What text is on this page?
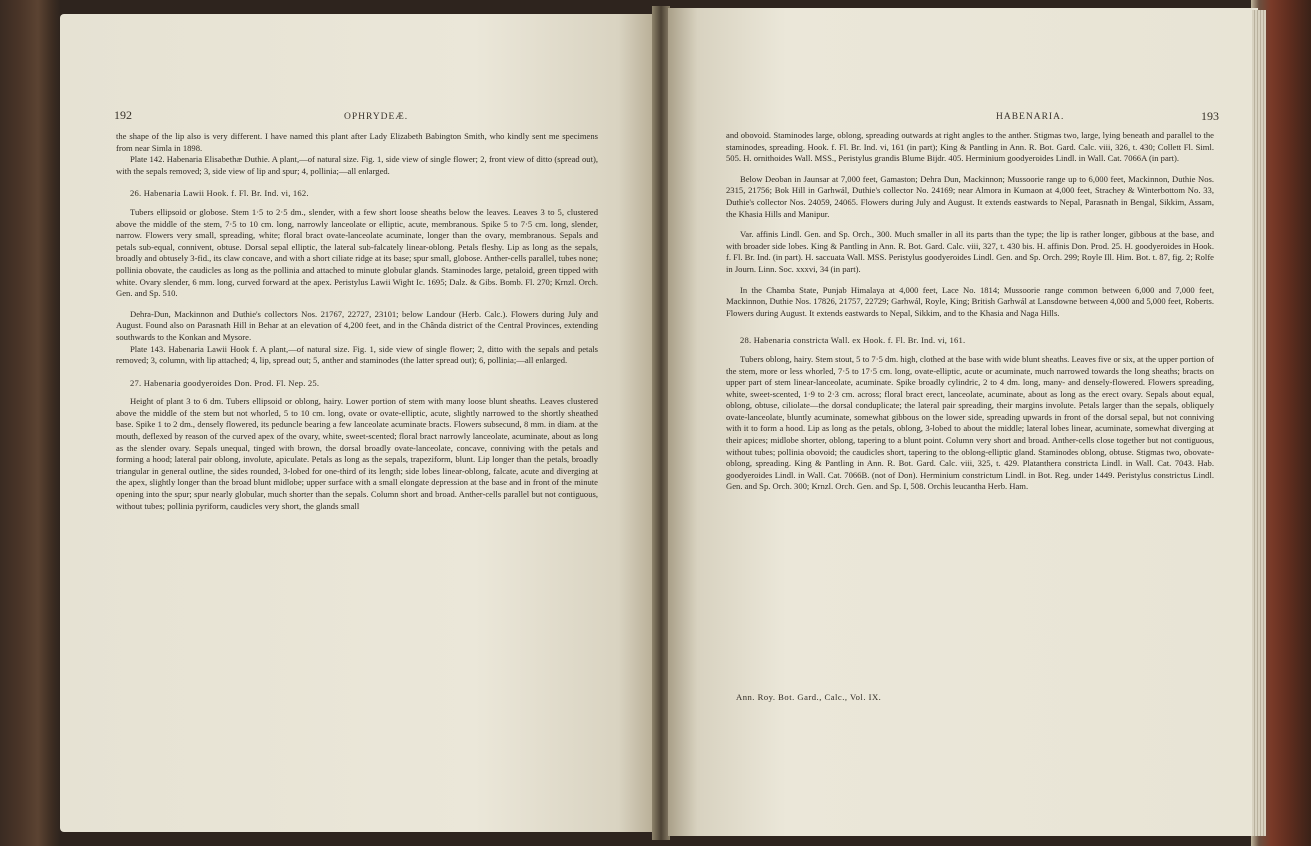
192	OPHRYDEÆ.

the shape of the lip also is very different. I have named this plant after Lady Elizabeth Babington Smith, who kindly sent me specimens from near Simla in 1898.

Plate 142. Habenaria Elisabethæ Duthie. A plant,—of natural size. Fig. 1, side view of single flower; 2, front view of ditto (spread out), with the sepals removed; 3, side view of lip and spur; 4, pollinia;—all enlarged.

26. Habenaria Lawii Hook. f. Fl. Br. Ind. vi, 162.

Tubers ellipsoid or globose. Stem 1·5 to 2·5 dm., slender, with a few short loose sheaths below the leaves. Leaves 3 to 5, clustered above the middle of the stem, 7·5 to 10 cm. long, narrowly lanceolate or elliptic, acute, membranous. Spike 5 to 7·5 cm. long, slender, narrow. Flowers very small, spreading, white; floral bract ovate-lanceolate acuminate, longer than the ovary, membranous. Sepals and petals sub-equal, connivent, obtuse. Dorsal sepal elliptic, the lateral sub-falcately linear-oblong. Petals fleshy. Lip as long as the sepals, broadly and obtusely 3-fid., its claw concave, and with a short ciliate ridge at its base; spur small, globose. Anther-cells parallel, tubes none; pollinia obovate, the caudicles as long as the pollinia and attached to minute globular glands. Staminodes large, petaloid, green tipped with white. Ovary slender, 6 mm. long, curved forward at the apex. Peristylus Lawii Wight Ic. 1695; Dalz. & Gibs. Bomb. Fl. 270; Krnzl. Orch. Gen. and Sp. 510.

Dehra-Dun, Mackinnon and Duthie's collectors Nos. 21767, 22727, 23101; below Landour (Herb. Calc.). Flowers during July and August. Found also on Parasnath Hill in Behar at an elevation of 4,200 feet, and in the Chânda district of the Central Provinces, extending southwards to the Konkan and Mysore.

Plate 143. Habenaria Lawii Hook f. A plant,—of natural size. Fig. 1, side view of single flower; 2, ditto with the sepals and petals removed; 3, column, with lip attached; 4, lip, spread out; 5, anther and staminodes (the latter spread out); 6, pollinia;—all enlarged.

27. Habenaria goodyeroides Don. Prod. Fl. Nep. 25.

Height of plant 3 to 6 dm. Tubers ellipsoid or oblong, hairy. Lower portion of stem with many loose blunt sheaths. Leaves clustered above the middle of the stem but not whorled, 5 to 10 cm. long, ovate or ovate-elliptic, acute, slightly narrowed to the shortly sheathed base. Spike 1 to 2 dm., densely flowered, its peduncle bearing a few lanceolate acuminate bracts. Flowers subsecund, 8 mm. in diam. at the mouth, deflexed by reason of the curved apex of the ovary, white, sweet-scented; floral bract narrowly lanceolate, acuminate, about as long as the slender ovary. Sepals unequal, tinged with brown, the dorsal broadly ovate-lanceolate, concave, conniving with the petals and forming a hood; lateral pair oblong, involute, apiculate. Petals as long as the sepals, trapeziform, blunt. Lip longer than the petals, broadly triangular in general outline, the sides rounded, 3-lobed for one-third of its length; side lobes linear-oblong, falcate, acute and diverging at the apex, slightly longer than the broad blunt midlobe; upper surface with a small elongate depression at the base and in front of the minute opening into the spur; spur nearly globular, much shorter than the sepals. Column short and broad. Anther-cells parallel but not contiguous, without tubes; pollinia pyriform, caudicles very short, the glands small

HABENARIA.	193

and obovoid. Staminodes large, oblong, spreading outwards at right angles to the anther. Stigmas two, large, lying beneath and parallel to the staminodes, spreading. Hook. f. Fl. Br. Ind. vi, 161 (in part); King & Pantling in Ann. R. Bot. Gard. Calc. viii, 326, t. 430; Collett Fl. Siml. 505. H. ornithoides Wall. MSS., Peristylus grandis Blume Bijdr. 405. Herminium goodyeroides Lindl. in Wall. Cat. 7066A (in part).

Below Deoban in Jaunsar at 7,000 feet, Gamaston; Dehra Dun, Mackinnon; Mussoorie range up to 6,000 feet, Mackinnon, Duthie Nos. 2315, 21756; Bok Hill in Garhwál, Duthie's collector No. 24169; near Almora in Kumaon at 4,000 feet, Strachey & Winterbottom No. 33, Duthie's collector Nos. 24059, 24065. Flowers during July and August. It extends eastwards to Nepal, Parasnath in Bengal, Sikkim, Assam, the Khasia Hills and Manipur.

Var. affinis Lindl. Gen. and Sp. Orch., 300. Much smaller in all its parts than the type; the lip is rather longer, gibbous at the base, and with broader side lobes. King & Pantling in Ann. R. Bot. Gard. Calc. viii, 327, t. 430 bis. H. affinis Don. Prod. 25. H. goodyeroides in Hook. f. Fl. Br. Ind. (in part). H. saccuata Wall. MSS. Peristylus goodyeroides Lindl. Gen. and Sp. Orch. 299; Royle Ill. Him. Bot. t. 87, fig. 2; Rolfe in Journ. Linn. Soc. xxxvi, 34 (in part).

In the Chamba State, Punjab Himalaya at 4,000 feet, Lace No. 1814; Mussoorie range common between 6,000 and 7,000 feet, Mackinnon, Duthie Nos. 17826, 21757, 22729; Garhwál, Royle, King; British Garhwál at Lansdowne between 4,000 and 5,000 feet, Roberts. Flowers during August. It extends eastwards to Nepal, Sikkim, and to the Khasia and Naga Hills.

28. Habenaria constricta Wall. ex Hook. f. Fl. Br. Ind. vi, 161.

Tubers oblong, hairy. Stem stout, 5 to 7·5 dm. high, clothed at the base with wide blunt sheaths. Leaves five or six, at the upper portion of the stem, more or less whorled, 7·5 to 17·5 cm. long, ovate-elliptic, acute or acuminate, much narrowed towards the long sheaths; bracts on upper part of stem linear-lanceolate, acuminate. Spike broadly cylindric, 2 to 4 dm. long, many- and densely-flowered. Flowers spreading, white, sweet-scented, 1·9 to 2·3 cm. across; floral bract erect, lanceolate, acuminate, about as long as the erect ovary. Sepals about equal, oblong, obtuse, ciliolate—the dorsal conduplicate; the lateral pair spreading, their margins involute. Petals larger than the sepals, obliquely ovate-lanceolate, bluntly acuminate, somewhat gibbous on the lower side, spreading upwards in front of the dorsal sepal, but not conniving with it to form a hood. Lip as long as the petals, oblong, 3-lobed to about the middle; lateral lobes linear, acuminate, somewhat diverging at their apices; midlobe shorter, oblong, tapering to a blunt point. Column very short and broad. Anther-cells close together but not contiguous, without tubes; pollinia obovoid; the caudicles short, tapering to the oblong-elliptic gland. Staminodes oblong, obtuse. Stigmas two, obovate-oblong, spreading. King & Pantling in Ann. R. Bot. Gard. Calc. viii, 325, t. 429. Platanthera constricta Lindl. in Wall. Cat. 7043. Hab. goodyeroides Lindl. in Wall. Cat. 7066B. (not of Don). Herminium constrictum Lindl. in Bot. Reg. under 1449. Peristylus constrictus Lindl. Gen. and Sp. Orch. 300; Krnzl. Orch. Gen. and Sp. I, 508. Orchis leucantha Herb. Ham.

Ann. Roy. Bot. Gard., Calc., Vol. IX.
